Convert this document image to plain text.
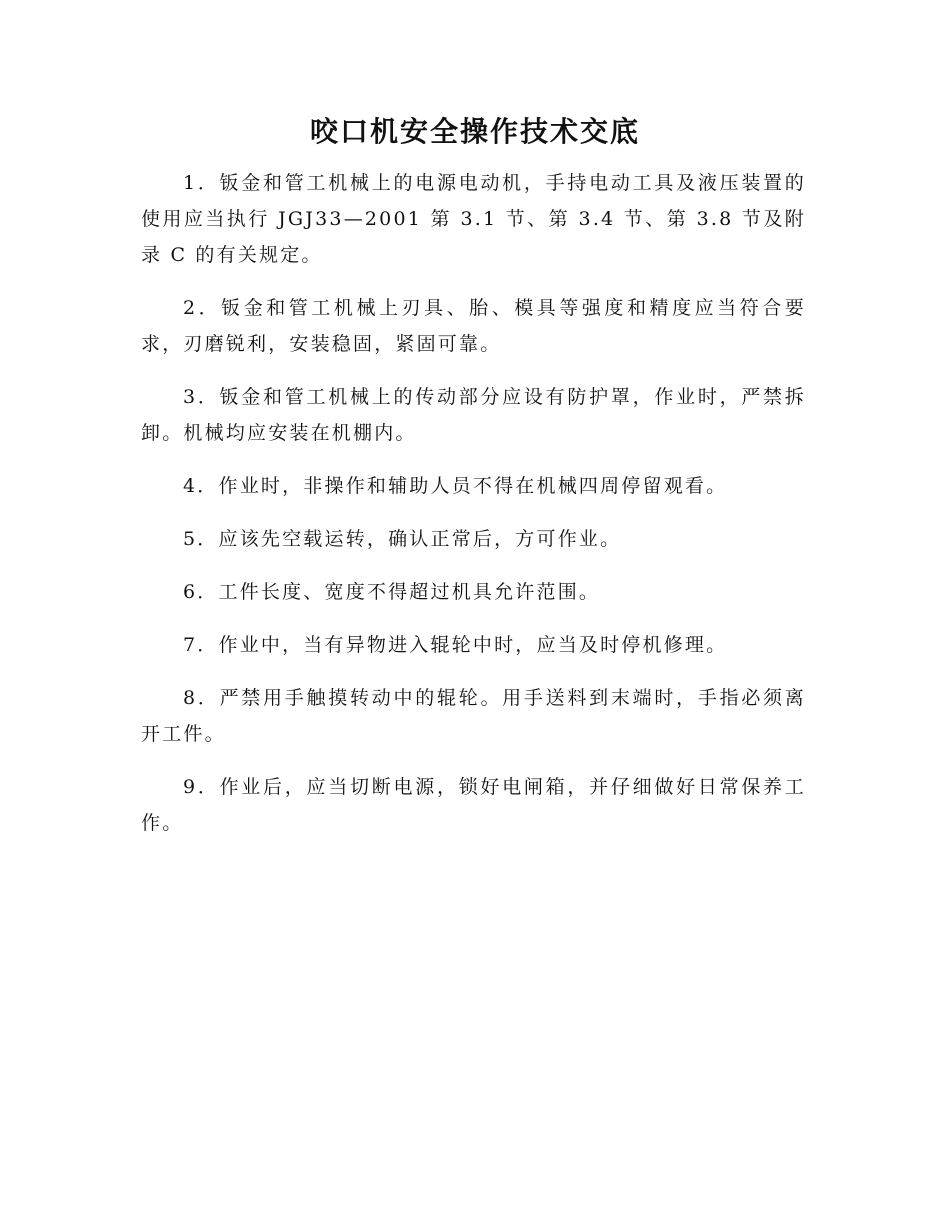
咬口机安全操作技术交底

1．钣金和管工机械上的电源电动机，手持电动工具及液压装置的使用应当执行 JGJ33—2001 第 3.1 节、第 3.4 节、第 3.8 节及附录 C 的有关规定。

2．钣金和管工机械上刃具、胎、模具等强度和精度应当符合要求，刃磨锐利，安装稳固，紧固可靠。

3．钣金和管工机械上的传动部分应设有防护罩，作业时，严禁拆卸。机械均应安装在机棚内。

4．作业时，非操作和辅助人员不得在机械四周停留观看。

5．应该先空载运转，确认正常后，方可作业。

6．工件长度、宽度不得超过机具允许范围。

7．作业中，当有异物进入辊轮中时，应当及时停机修理。

8．严禁用手触摸转动中的辊轮。用手送料到末端时，手指必须离开工件。

9．作业后，应当切断电源，锁好电闸箱，并仔细做好日常保养工作。
